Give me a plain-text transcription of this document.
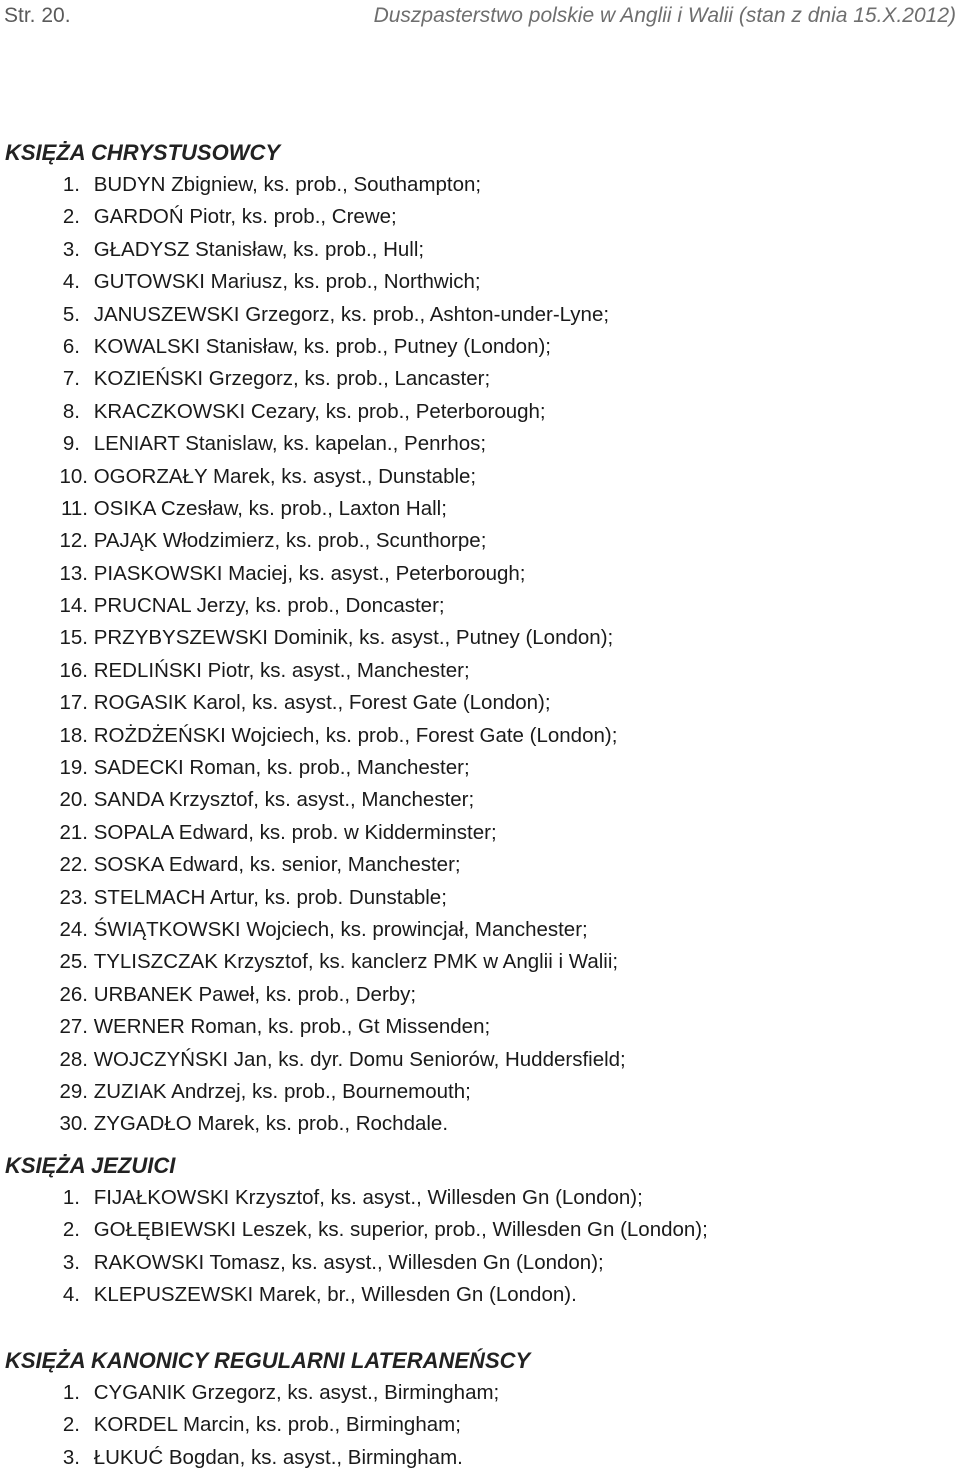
Str. 20.	Duszpasterstwo polskie w Anglii i Walii (stan z dnia 15.X.2012)
KSIĘŻA CHRYSTUSOWCY
1. BUDYN Zbigniew, ks. prob., Southampton;
2. GARDOŃ Piotr, ks. prob., Crewe;
3. GŁADYSZ Stanisław, ks. prob., Hull;
4. GUTOWSKI Mariusz, ks. prob., Northwich;
5. JANUSZEWSKI Grzegorz, ks. prob., Ashton-under-Lyne;
6. KOWALSKI Stanisław, ks. prob., Putney (London);
7. KOZIEŃSKI Grzegorz, ks. prob., Lancaster;
8. KRACZKOWSKI Cezary, ks. prob., Peterborough;
9. LENIART Stanislaw, ks. kapelan., Penrhos;
10. OGORZAŁY Marek, ks. asyst., Dunstable;
11. OSIKA Czesław, ks. prob., Laxton Hall;
12. PAJĄK Włodzimierz, ks. prob., Scunthorpe;
13. PIASKOWSKI Maciej, ks. asyst., Peterborough;
14. PRUCNAL Jerzy, ks. prob., Doncaster;
15. PRZYBYSZEWSKI Dominik, ks. asyst., Putney (London);
16. REDLIŃSKI Piotr, ks. asyst., Manchester;
17. ROGASIK Karol, ks. asyst., Forest Gate (London);
18. ROŻDŻEŃSKI Wojciech, ks. prob., Forest Gate (London);
19. SADECKI Roman, ks. prob., Manchester;
20. SANDA Krzysztof, ks. asyst., Manchester;
21. SOPALA Edward, ks. prob. w Kidderminster;
22. SOSKA Edward, ks. senior, Manchester;
23. STELMACH Artur, ks. prob. Dunstable;
24. ŚWIĄTKOWSKI Wojciech, ks. prowincjał, Manchester;
25. TYLISZCZAK Krzysztof, ks. kanclerz PMK w Anglii i Walii;
26. URBANEK Paweł, ks. prob., Derby;
27. WERNER Roman, ks. prob., Gt Missenden;
28. WOJCZYŃSKI Jan, ks. dyr. Domu Seniorów, Huddersfield;
29. ZUZIAK Andrzej, ks. prob., Bournemouth;
30. ZYGADŁO Marek, ks. prob., Rochdale.
KSIĘŻA JEZUICI
1. FIJAŁKOWSKI Krzysztof, ks. asyst., Willesden Gn (London);
2. GOŁĘBIEWSKI Leszek, ks. superior, prob., Willesden Gn (London);
3. RAKOWSKI Tomasz, ks. asyst., Willesden Gn (London);
4. KLEPUSZEWSKI Marek, br., Willesden Gn (London).
KSIĘŻA KANONICY REGULARNI LATERANEŃSCY
1. CYGANIK Grzegorz, ks. asyst., Birmingham;
2. KORDEL Marcin, ks. prob., Birmingham;
3. ŁUKUĆ Bogdan, ks. asyst., Birmingham.
